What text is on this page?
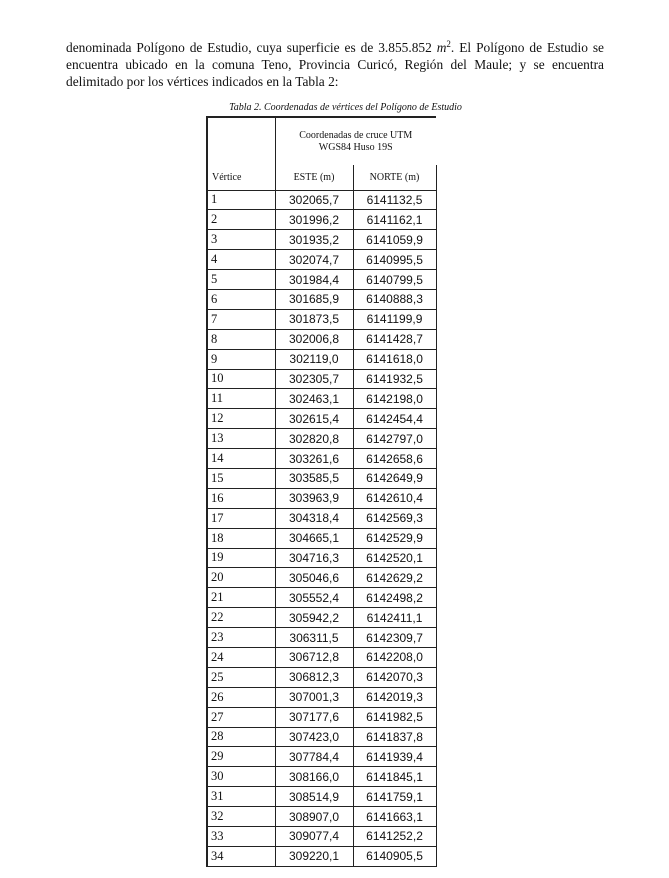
denominada Polígono de Estudio, cuya superficie es de 3.855.852 $m^2$. El Polígono de Estudio se encuentra ubicado en la comuna Teno, Provincia Curicó, Región del Maule; y se encuentra delimitado por los vértices indicados en la Tabla 2:

Tabla 2. Coordenadas de vértices del Polígono de Estudio

	Coordenadas de cruce UTM
WGS84 Huso 19S	

Vértice	ESTE (m)	NORTE (m)
1	302065,7	6141132,5
2	301996,2	6141162,1
3	301935,2	6141059,9
4	302074,7	6140995,5
5	301984,4	6140799,5
6	301685,9	6140888,3
7	301873,5	6141199,9
8	302006,8	6141428,7
9	302119,0	6141618,0
10	302305,7	6141932,5
11	302463,1	6142198,0
12	302615,4	6142454,4
13	302820,8	6142797,0
14	303261,6	6142658,6
15	303585,5	6142649,9
16	303963,9	6142610,4
17	304318,4	6142569,3
18	304665,1	6142529,9
19	304716,3	6142520,1
20	305046,6	6142629,2
21	305552,4	6142498,2
22	305942,2	6142411,1
23	306311,5	6142309,7
24	306712,8	6142208,0
25	306812,3	6142070,3
26	307001,3	6142019,3
27	307177,6	6141982,5
28	307423,0	6141837,8
29	307784,4	6141939,4
30	308166,0	6141845,1
31	308514,9	6141759,1
32	308907,0	6141663,1
33	309077,4	6141252,2
34	309220,1	6140905,5
